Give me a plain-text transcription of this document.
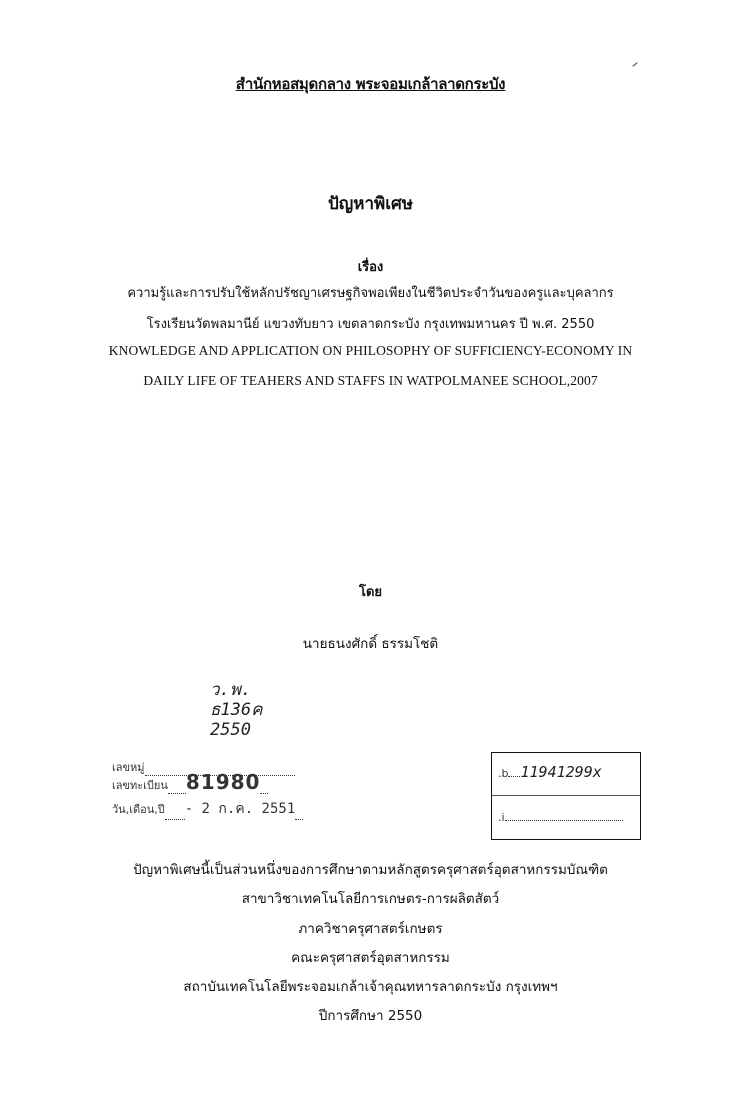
สำนักหอสมุดกลาง พระจอมเกล้าลาดกระบัง
ปัญหาพิเศษ
เรื่อง
ความรู้และการปรับใช้หลักปรัชญาเศรษฐกิจพอเพียงในชีวิตประจำวันของครูและบุคลากร
โรงเรียนวัดพลมานีย์ แขวงทับยาว เขตลาดกระบัง กรุงเทพมหานคร ปี พ.ศ. 2550
KNOWLEDGE AND APPLICATION ON PHILOSOPHY OF SUFFICIENCY-ECONOMY IN
DAILY LIFE OF TEAHERS AND STAFFS IN WATPOLMANEE SCHOOL,2007
โดย
นายธนงศักดิ์ ธรรมโชติ
ว.พ.
ธ136ค
2550
เลขหมู่
เลขทะเบียน 81980
วัน,เดือน,ปี - 2 ก.ค. 2551
.b 11941299x
.i
ปัญหาพิเศษนี้เป็นส่วนหนึ่งของการศึกษาตามหลักสูตรครุศาสตร์อุตสาหกรรมบัณฑิต
สาขาวิชาเทคโนโลยีการเกษตร-การผลิตสัตว์
ภาควิชาครุศาสตร์เกษตร
คณะครุศาสตร์อุตสาหกรรม
สถาบันเทคโนโลยีพระจอมเกล้าเจ้าคุณทหารลาดกระบัง กรุงเทพฯ
ปีการศึกษา 2550
